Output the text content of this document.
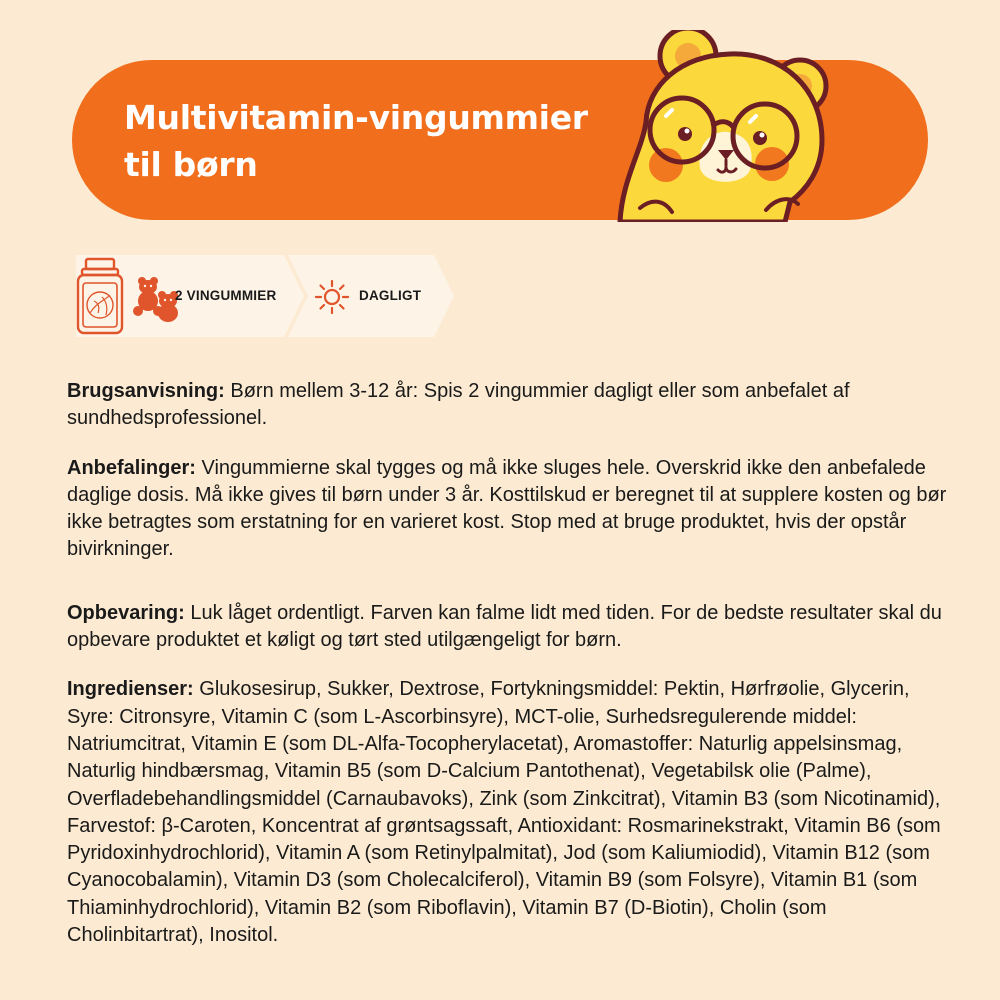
Multivitamin-vingummier
til børn
2 VINGUMMIER	DAGLIGT

Brugsanvisning: Børn mellem 3-12 år: Spis 2 vingummier dagligt eller som anbefalet af sundhedsprofessionel.

Anbefalinger: Vingummierne skal tygges og må ikke sluges hele. Overskrid ikke den anbefalede daglige dosis. Må ikke gives til børn under 3 år. Kosttilskud er beregnet til at supplere kosten og bør ikke betragtes som erstatning for en varieret kost. Stop med at bruge produktet, hvis der opstår bivirkninger.

Opbevaring: Luk låget ordentligt. Farven kan falme lidt med tiden. For de bedste resultater skal du opbevare produktet et køligt og tørt sted utilgængeligt for børn.

Ingredienser: Glukosesirup, Sukker, Dextrose, Fortykningsmiddel: Pektin, Hørfrøolie, Glycerin, Syre: Citronsyre, Vitamin C (som L-Ascorbinsyre), MCT-olie, Surhedsregulerende middel: Natriumcitrat, Vitamin E (som DL-Alfa-Tocopherylacetat), Aromastoffer: Naturlig appelsinsmag, Naturlig hindbærsmag, Vitamin B5 (som D-Calcium Pantothenat), Vegetabilsk olie (Palme), Overfladebehandlingsmiddel (Carnaubavoks), Zink (som Zinkcitrat), Vitamin B3 (som Nicotinamid), Farvestof: β-Caroten, Koncentrat af grøntsagssaft, Antioxidant: Rosmarinekstrakt, Vitamin B6 (som Pyridoxinhydrochlorid), Vitamin A (som Retinylpalmitat), Jod (som Kaliumiodid), Vitamin B12 (som Cyanocobalamin), Vitamin D3 (som Cholecalciferol), Vitamin B9 (som Folsyre), Vitamin B1 (som Thiaminhydrochlorid), Vitamin B2 (som Riboflavin), Vitamin B7 (D-Biotin), Cholin (som Cholinbitartrat), Inositol.
